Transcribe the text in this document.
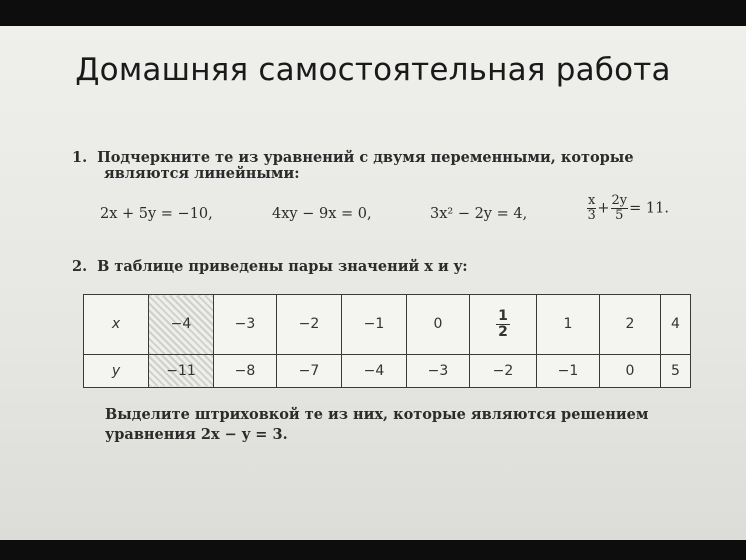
Домашняя самостоятельная работа
1. Подчеркните те из уравнений с двумя переменными, которые
являются линейными:
2x + 5y = −10,	4xy − 9x = 0,	3x² − 2y = 4,	$\frac{x}{3} + \frac{2y}{5} = 11$.
2. В таблице приведены пары значений x и y:
x	−4	−3	−2	−1	0	$\frac{1}{2}$	1	2	4
y	−11	−8	−7	−4	−3	−2	−1	0	5
Выделите штриховкой те из них, которые являются решением
уравнения 2x − y = 3.
